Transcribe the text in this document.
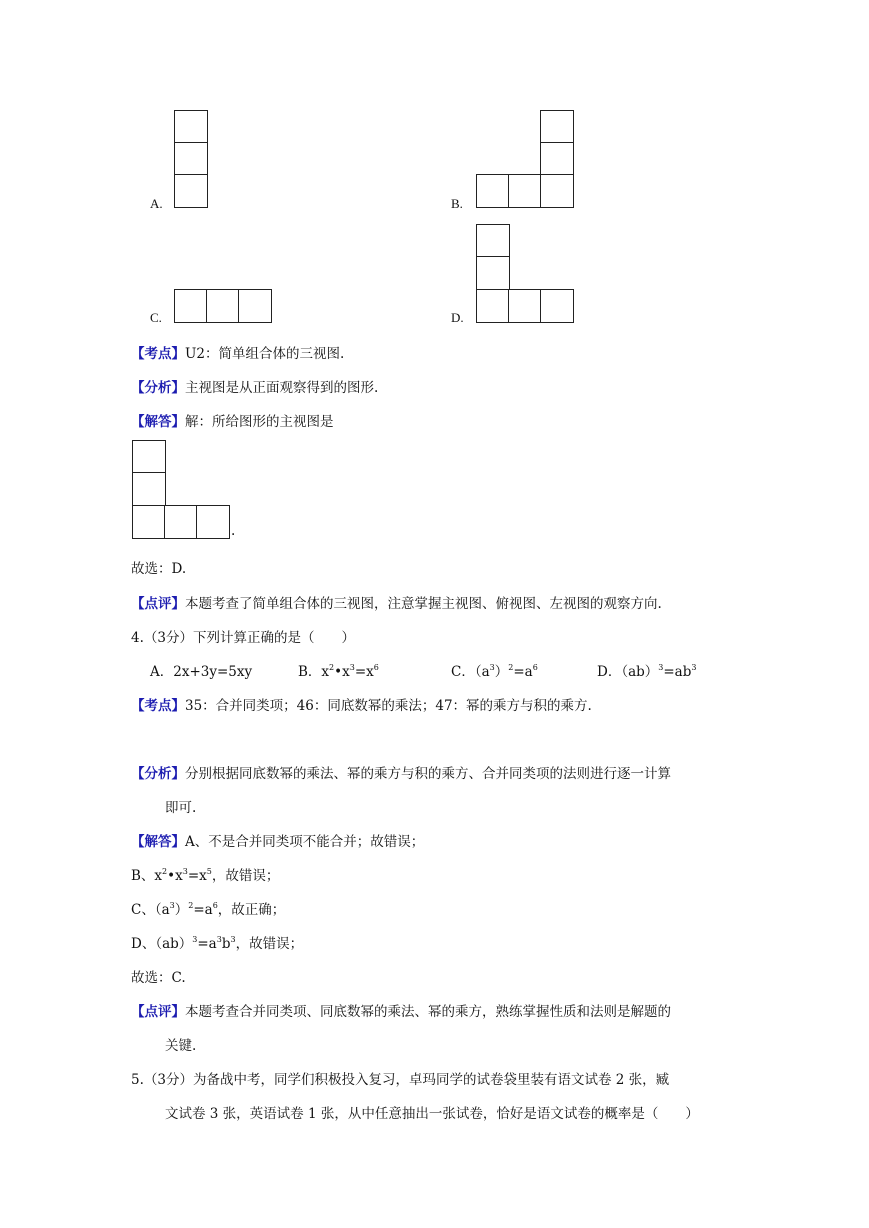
A.	B.
C.	D.
【考点】U2：简单组合体的三视图.
【分析】主视图是从正面观察得到的图形.
【解答】解：所给图形的主视图是
.
故选：D.
【点评】本题考查了简单组合体的三视图，注意掌握主视图、俯视图、左视图的观察方向.
4.（3分）下列计算正确的是（　　）
A．2x+3y=5xy	B．$x^2•x^3=x^6$	C．$(a^3)^2=a^6$	D．$(ab)^3=ab^3$
【考点】35：合并同类项；46：同底数幂的乘法；47：幂的乘方与积的乘方.
【分析】分别根据同底数幂的乘法、幂的乘方与积的乘方、合并同类项的法则进行逐一计算
即可.
【解答】A、不是合并同类项不能合并；故错误；
B、$x^2•x^3=x^5$，故错误；
C、$(a^3)^2=a^6$，故正确；
D、$(ab)^3=a^3b^3$，故错误；
故选：C.
【点评】本题考查合并同类项、同底数幂的乘法、幂的乘方，熟练掌握性质和法则是解题的
关键.
5.（3分）为备战中考，同学们积极投入复习，卓玛同学的试卷袋里装有语文试卷 2 张，臧
文试卷 3 张，英语试卷 1 张，从中任意抽出一张试卷，恰好是语文试卷的概率是（　　）
